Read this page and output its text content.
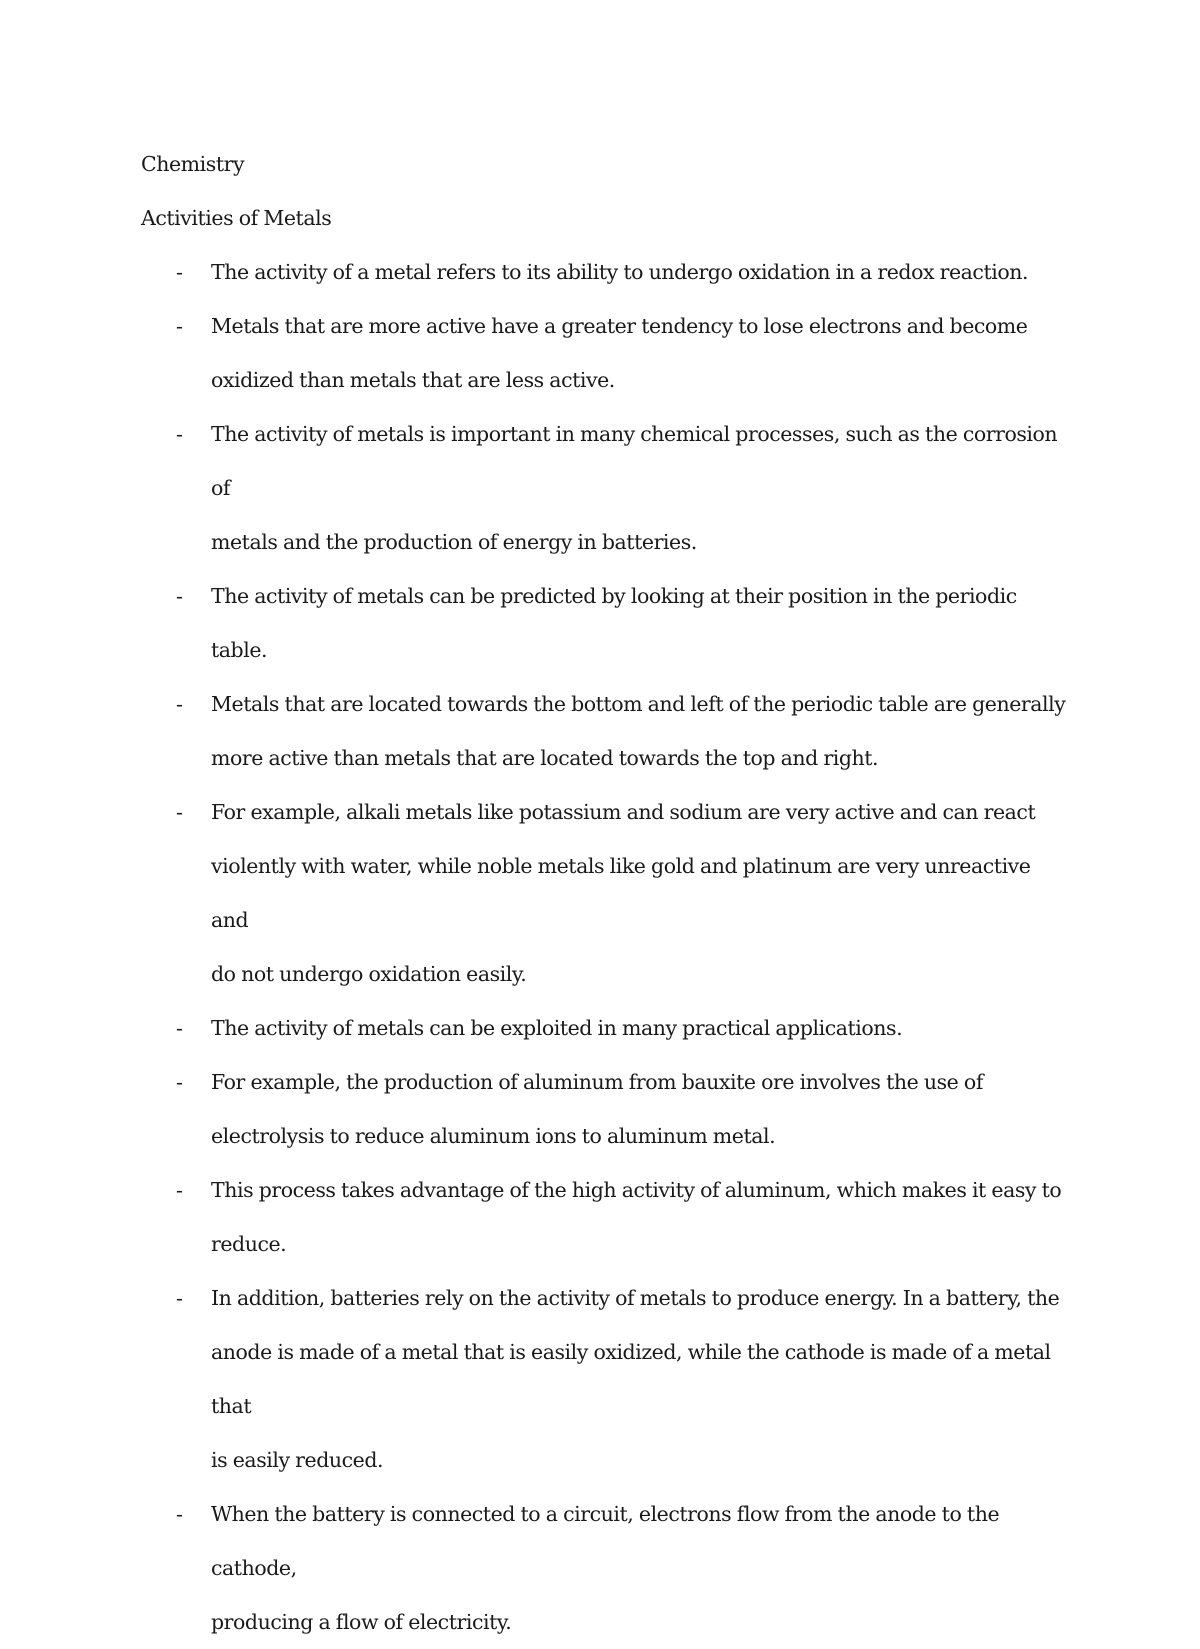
Chemistry

Activities of Metals

- The activity of a metal refers to its ability to undergo oxidation in a redox reaction.
- Metals that are more active have a greater tendency to lose electrons and become
oxidized than metals that are less active.
- The activity of metals is important in many chemical processes, such as the corrosion of
metals and the production of energy in batteries.
- The activity of metals can be predicted by looking at their position in the periodic table.
- Metals that are located towards the bottom and left of the periodic table are generally
more active than metals that are located towards the top and right.
- For example, alkali metals like potassium and sodium are very active and can react
violently with water, while noble metals like gold and platinum are very unreactive and
do not undergo oxidation easily.
- The activity of metals can be exploited in many practical applications.
- For example, the production of aluminum from bauxite ore involves the use of
electrolysis to reduce aluminum ions to aluminum metal.
- This process takes advantage of the high activity of aluminum, which makes it easy to
reduce.
- In addition, batteries rely on the activity of metals to produce energy. In a battery, the
anode is made of a metal that is easily oxidized, while the cathode is made of a metal that
is easily reduced.
- When the battery is connected to a circuit, electrons flow from the anode to the cathode,
producing a flow of electricity.
